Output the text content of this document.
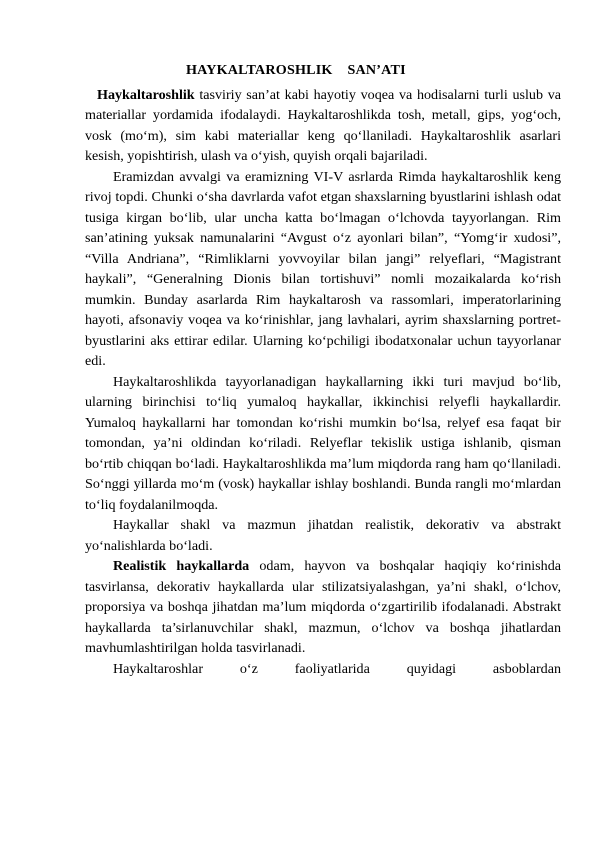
HAYKALTAROSHLIK    SAN’ATI

Haykaltaroshlik tasviriy san’at kabi hayotiy voqea va hodisalarni turli uslub va materiallar yordamida ifodalaydi. Haykaltaroshlikda tosh, metall, gips, yog‘och, vosk (mo‘m), sim kabi materiallar keng qo‘llaniladi. Haykaltaroshlik asarlari kesish, yopishtirish, ulash va o‘yish, quyish orqali bajariladi.

Eramizdan avvalgi va eramizning VI-V asrlarda Rimda haykaltaroshlik keng rivoj topdi. Chunki o‘sha davrlarda vafot etgan shaxslarning byustlarini ishlash odat tusiga kirgan bo‘lib, ular uncha katta bo‘lmagan o‘lchovda tayyorlangan. Rim san’atining yuksak namunalarini “Avgust o‘z ayonlari bilan”, “Yomg‘ir xudosi”, “Villa Andriana”, “Rimliklarni yovvoyilar bilan jangi” relyeflari, “Magistrant haykali”, “Generalning Dionis bilan tortishuvi” nomli mozaikalarda ko‘rish mumkin. Bunday asarlarda Rim haykaltarosh va rassomlari, imperatorlarining hayoti, afsonaviy voqea va ko‘rinishlar, jang lavhalari, ayrim shaxslarning portret-byustlarini aks ettirar edilar. Ularning ko‘pchiligi ibodatxonalar uchun tayyorlanar edi.

Haykaltaroshlikda tayyorlanadigan haykallarning ikki turi mavjud bo‘lib, ularning birinchisi to‘liq yumaloq haykallar, ikkinchisi relyefli haykallardir. Yumaloq haykallarni har tomondan ko‘rishi mumkin bo‘lsa, relyef esa faqat bir tomondan, ya’ni oldindan ko‘riladi. Relyeflar tekislik ustiga ishlanib, qisman bo‘rtib chiqqan bo‘ladi. Haykaltaroshlikda ma’lum miqdorda rang ham qo‘llaniladi. So‘nggi yillarda mo‘m (vosk) haykallar ishlay boshlandi. Bunda rangli mo‘mlardan to‘liq foydalanilmoqda.

Haykallar shakl va mazmun jihatdan realistik, dekorativ va abstrakt yo‘nalishlarda bo‘ladi.

Realistik haykallarda odam, hayvon va boshqalar haqiqiy ko‘rinishda tasvirlansa, dekorativ haykallarda ular stilizatsiyalashgan, ya’ni shakl, o‘lchov, proporsiya va boshqa jihatdan ma’lum miqdorda o‘zgartirilib ifodalanadi. Abstrakt haykallarda ta’sirlanuvchilar shakl, mazmun, o‘lchov va boshqa jihatlardan mavhumlashtirilgan holda tasvirlanadi.

Haykaltaroshlar o‘z faoliyatlarida quyidagi asboblardan
